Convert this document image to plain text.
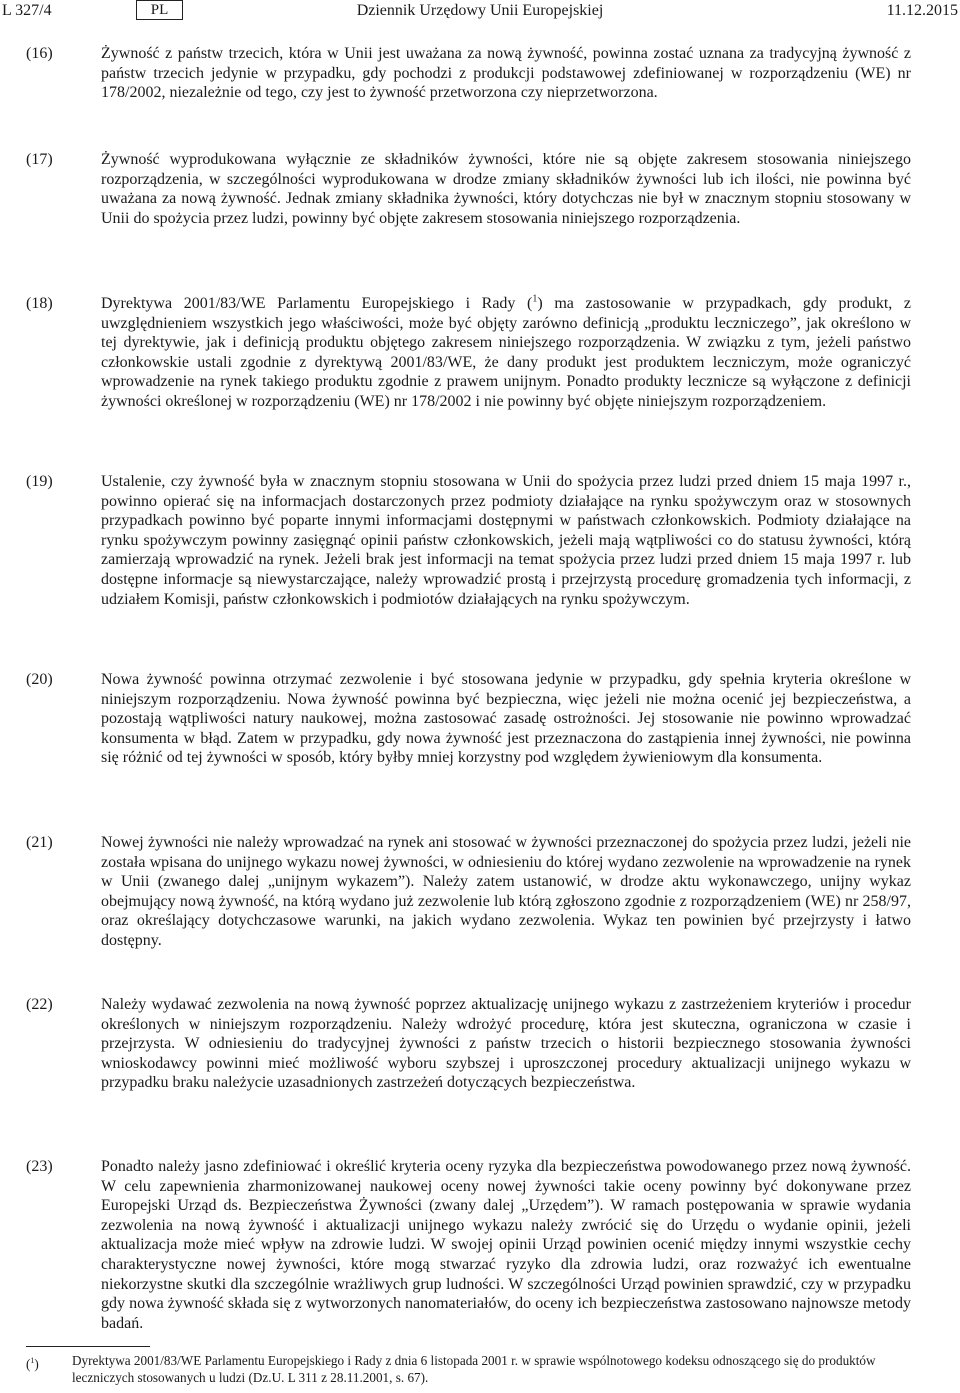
L 327/4	Dziennik Urzędowy Unii Europejskiej
PL	11.12.2015
(16)	Żywność z państw trzecich, która w Unii jest uważana za nową żywność, powinna zostać uznana za tradycyjną żywność z państw trzecich jedynie w przypadku, gdy pochodzi z produkcji podstawowej zdefiniowanej w rozporządzeniu (WE) nr 178/2002, niezależnie od tego, czy jest to żywność przetworzona czy nieprzetworzona.
(17)	Żywność wyprodukowana wyłącznie ze składników żywności, które nie są objęte zakresem stosowania niniejszego rozporządzenia, w szczególności wyprodukowana w drodze zmiany składników żywności lub ich ilości, nie powinna być uważana za nową żywność. Jednak zmiany składnika żywności, który dotychczas nie był w znacznym stopniu stosowany w Unii do spożycia przez ludzi, powinny być objęte zakresem stosowania niniejszego rozporządzenia.
(18)	Dyrektywa 2001/83/WE Parlamentu Europejskiego i Rady ($^1$) ma zastosowanie w przypadkach, gdy produkt, z uwzględnieniem wszystkich jego właściwości, może być objęty zarówno definicją „produktu leczniczego”, jak określono w tej dyrektywie, jak i definicją produktu objętego zakresem niniejszego rozporządzenia. W związku z tym, jeżeli państwo członkowskie ustali zgodnie z dyrektywą 2001/83/WE, że dany produkt jest produktem leczniczym, może ograniczyć wprowadzenie na rynek takiego produktu zgodnie z prawem unijnym. Ponadto produkty lecznicze są wyłączone z definicji żywności określonej w rozporządzeniu (WE) nr 178/2002 i nie powinny być objęte niniejszym rozporządzeniem.
(19)	Ustalenie, czy żywność była w znacznym stopniu stosowana w Unii do spożycia przez ludzi przed dniem 15 maja 1997 r., powinno opierać się na informacjach dostarczonych przez podmioty działające na rynku spożywczym oraz w stosownych przypadkach powinno być poparte innymi informacjami dostępnymi w państwach członkowskich. Podmioty działające na rynku spożywczym powinny zasięgnąć opinii państw członkowskich, jeżeli mają wątpliwości co do statusu żywności, którą zamierzają wprowadzić na rynek. Jeżeli brak jest informacji na temat spożycia przez ludzi przed dniem 15 maja 1997 r. lub dostępne informacje są niewystarczające, należy wprowadzić prostą i przejrzystą procedurę gromadzenia tych informacji, z udziałem Komisji, państw członkowskich i podmiotów działających na rynku spożywczym.
(20)	Nowa żywność powinna otrzymać zezwolenie i być stosowana jedynie w przypadku, gdy spełnia kryteria określone w niniejszym rozporządzeniu. Nowa żywność powinna być bezpieczna, więc jeżeli nie można ocenić jej bezpieczeństwa, a pozostają wątpliwości natury naukowej, można zastosować zasadę ostrożności. Jej stosowanie nie powinno wprowadzać konsumenta w błąd. Zatem w przypadku, gdy nowa żywność jest przeznaczona do zastąpienia innej żywności, nie powinna się różnić od tej żywności w sposób, który byłby mniej korzystny pod względem żywieniowym dla konsumenta.
(21)	Nowej żywności nie należy wprowadzać na rynek ani stosować w żywności przeznaczonej do spożycia przez ludzi, jeżeli nie została wpisana do unijnego wykazu nowej żywności, w odniesieniu do której wydano zezwolenie na wprowadzenie na rynek w Unii (zwanego dalej „unijnym wykazem”). Należy zatem ustanowić, w drodze aktu wykonawczego, unijny wykaz obejmujący nową żywność, na którą wydano już zezwolenie lub którą zgłoszono zgodnie z rozporządzeniem (WE) nr 258/97, oraz określający dotychczasowe warunki, na jakich wydano zezwolenia. Wykaz ten powinien być przejrzysty i łatwo dostępny.
(22)	Należy wydawać zezwolenia na nową żywność poprzez aktualizację unijnego wykazu z zastrzeżeniem kryteriów i procedur określonych w niniejszym rozporządzeniu. Należy wdrożyć procedurę, która jest skuteczna, ograniczona w czasie i przejrzysta. W odniesieniu do tradycyjnej żywności z państw trzecich o historii bezpiecznego stosowania żywności wnioskodawcy powinni mieć możliwość wyboru szybszej i uproszczonej procedury aktualizacji unijnego wykazu w przypadku braku należycie uzasadnionych zastrzeżeń dotyczących bezpieczeństwa.
(23)	Ponadto należy jasno zdefiniować i określić kryteria oceny ryzyka dla bezpieczeństwa powodowanego przez nową żywność. W celu zapewnienia zharmonizowanej naukowej oceny nowej żywności takie oceny powinny być dokonywane przez Europejski Urząd ds. Bezpieczeństwa Żywności (zwany dalej „Urzędem”). W ramach postępowania w sprawie wydania zezwolenia na nową żywność i aktualizacji unijnego wykazu należy zwrócić się do Urzędu o wydanie opinii, jeżeli aktualizacja może mieć wpływ na zdrowie ludzi. W swojej opinii Urząd powinien ocenić między innymi wszystkie cechy charakterystyczne nowej żywności, które mogą stwarzać ryzyko dla zdrowia ludzi, oraz rozważyć ich ewentualne niekorzystne skutki dla szczególnie wrażliwych grup ludności. W szczególności Urząd powinien sprawdzić, czy w przypadku gdy nowa żywność składa się z wytworzonych nanomateriałów, do oceny ich bezpieczeństwa zastosowano najnowsze metody badań.
($^1$)	Dyrektywa 2001/83/WE Parlamentu Europejskiego i Rady z dnia 6 listopada 2001 r. w sprawie wspólnotowego kodeksu odnoszącego się do produktów leczniczych stosowanych u ludzi (Dz.U. L 311 z 28.11.2001, s. 67).
